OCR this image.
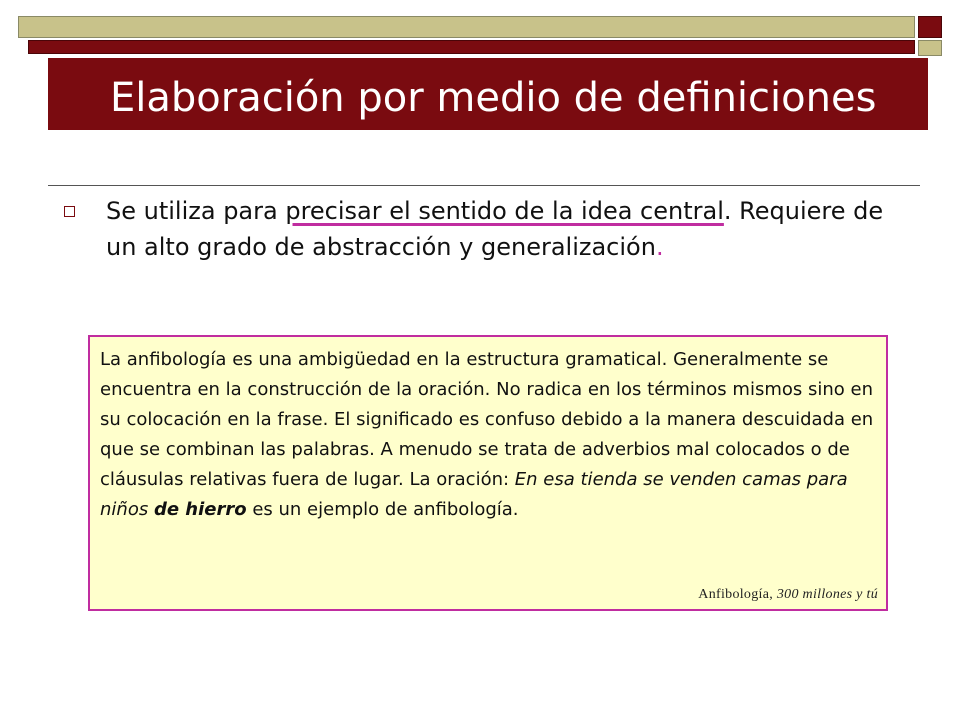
Elaboración por medio de definiciones
Se utiliza para precisar el sentido de la idea central. Requiere de un alto grado de abstracción y generalización.
La anfibología es una ambigüedad en la estructura gramatical. Generalmente se encuentra en la construcción de la oración. No radica en los términos mismos sino en su colocación en la frase. El significado es confuso debido a la manera descuidada en que se combinan las palabras. A menudo se trata de adverbios mal colocados o de cláusulas relativas fuera de lugar. La oración: En esa tienda se venden camas para niños de hierro es un ejemplo de anfibología.
Anfibología, 300 millones y tú
